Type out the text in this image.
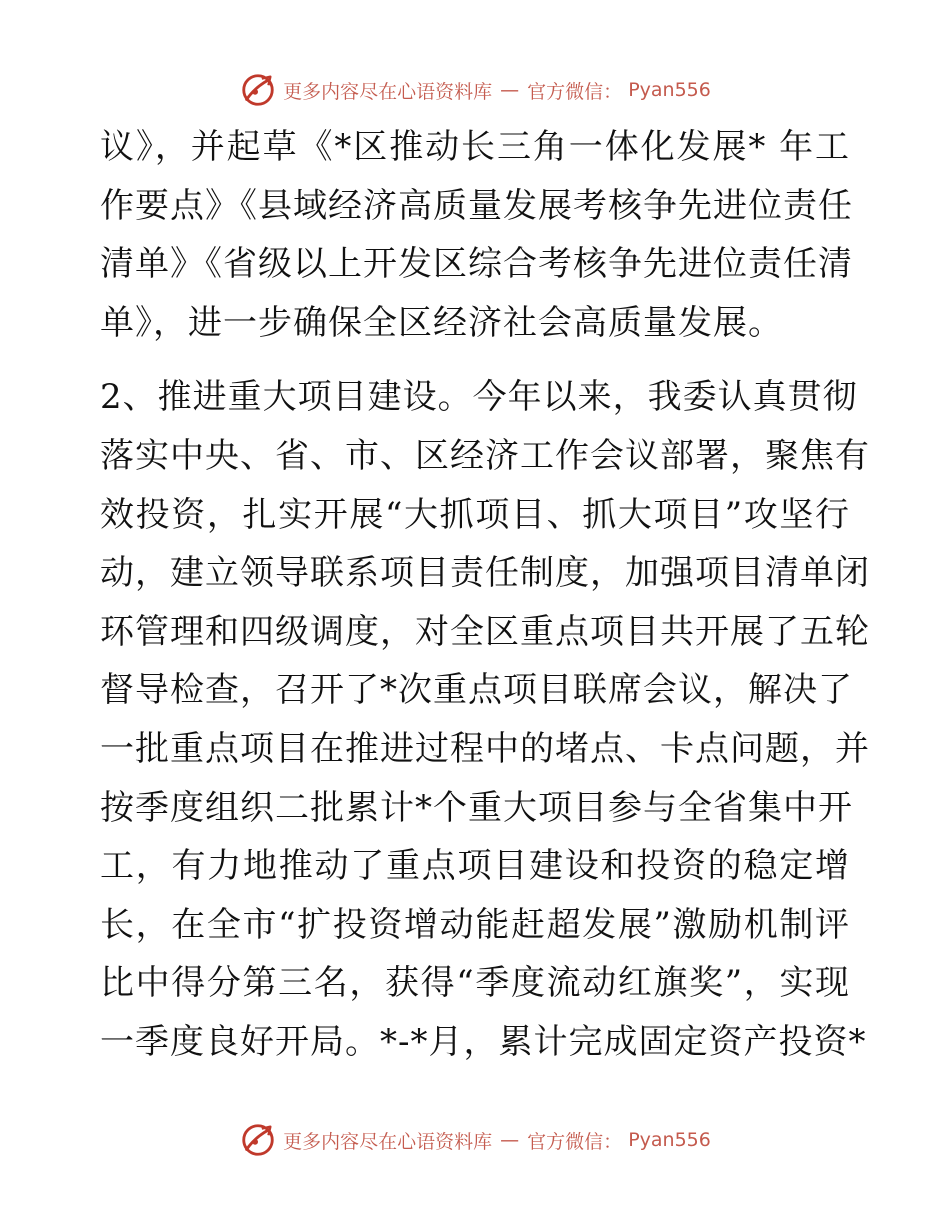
更多内容尽在心语资料库 — 官方微信： Pyan556

议》，并起草《*区推动长三角一体化发展* 年工
作要点》《县域经济高质量发展考核争先进位责任
清单》《省级以上开发区综合考核争先进位责任清
单》，进一步确保全区经济社会高质量发展。

2、推进重大项目建设。今年以来，我委认真贯彻
落实中央、省、市、区经济工作会议部署，聚焦有
效投资，扎实开展“大抓项目、抓大项目”攻坚行
动，建立领导联系项目责任制度，加强项目清单闭
环管理和四级调度，对全区重点项目共开展了五轮
督导检查，召开了*次重点项目联席会议，解决了
一批重点项目在推进过程中的堵点、卡点问题，并
按季度组织二批累计*个重大项目参与全省集中开
工，有力地推动了重点项目建设和投资的稳定增
长，在全市“扩投资增动能赶超发展”激励机制评
比中得分第三名，获得“季度流动红旗奖”，实现
一季度良好开局。*-*月，累计完成固定资产投资*

更多内容尽在心语资料库 — 官方微信： Pyan556
